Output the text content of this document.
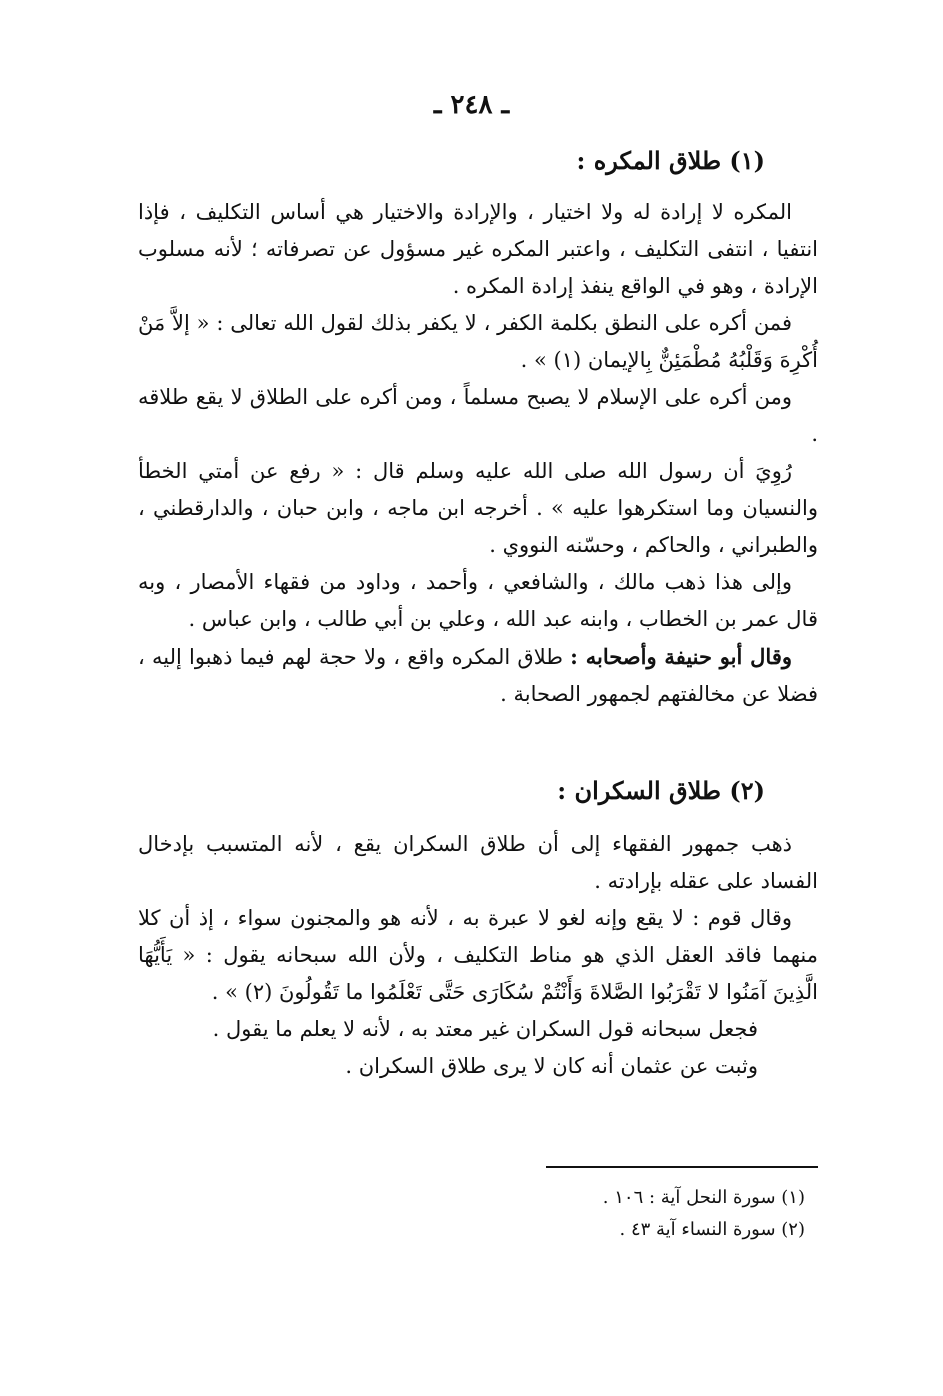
ـ ٢٤٨ ـ
(١) طلاق المكره :

المكره لا إرادة له ولا اختيار ، والإرادة والاختيار هي أساس التكليف ، فإذا انتفيا ، انتفى التكليف ، واعتبر المكره غير مسؤول عن تصرفاته ؛ لأنه مسلوب الإرادة ، وهو في الواقع ينفذ إرادة المكره .

فمن أكره على النطق بكلمة الكفر ، لا يكفر بذلك لقول الله تعالى : « إلاَّ مَنْ أُكْرِهَ وَقَلْبُهُ مُطْمَئِنٌّ بِالإيمان (١) » .

ومن أكره على الإسلام لا يصبح مسلماً ، ومن أكره على الطلاق لا يقع طلاقه .

رُوِيَ أن رسول الله صلى الله عليه وسلم قال : « رفع عن أمتي الخطأ والنسيان وما استكرهوا عليه » . أخرجه ابن ماجه ، وابن حبان ، والدارقطني ، والطبراني ، والحاكم ، وحسّنه النووي .

وإلى هذا ذهب مالك ، والشافعي ، وأحمد ، وداود من فقهاء الأمصار ، وبه قال عمر بن الخطاب ، وابنه عبد الله ، وعلي بن أبي طالب ، وابن عباس .

وقال أبو حنيفة وأصحابه : طلاق المكره واقع ، ولا حجة لهم فيما ذهبوا إليه ، فضلا عن مخالفتهم لجمهور الصحابة .

(٢) طلاق السكران :

ذهب جمهور الفقهاء إلى أن طلاق السكران يقع ، لأنه المتسبب بإدخال الفساد على عقله بإرادته .

وقال قوم : لا يقع وإنه لغو لا عبرة به ، لأنه هو والمجنون سواء ، إذ أن كلا منهما فاقد العقل الذي هو مناط التكليف ، ولأن الله سبحانه يقول : « يَأَيُّهَا الَّذِينَ آمَنُوا لا تَقْرَبُوا الصَّلاةَ وَأَنْتُمْ سُكَارَى حَتَّى تَعْلَمُوا ما تَقُولُونَ (٢) » .

فجعل سبحانه قول السكران غير معتد به ، لأنه لا يعلم ما يقول .

وثبت عن عثمان أنه كان لا يرى طلاق السكران .

(١) سورة النحل آية : ١٠٦ .
(٢) سورة النساء آية ٤٣ .
